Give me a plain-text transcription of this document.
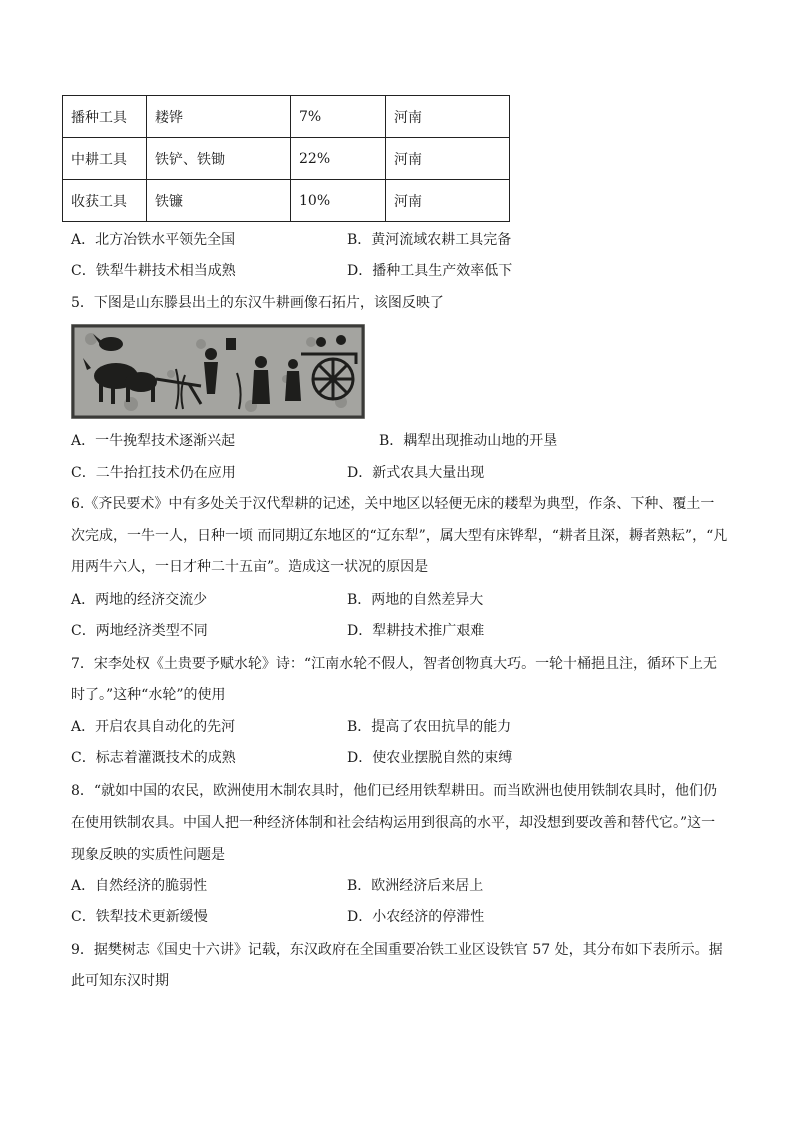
播种工具	耧铧	7%	河南
中耕工具	铁铲、铁锄	22%	河南
收获工具	铁镰	10%	河南
A．北方冶铁水平领先全国	B．黄河流域农耕工具完备
C．铁犁牛耕技术相当成熟	D．播种工具生产效率低下
5．下图是山东滕县出土的东汉牛耕画像石拓片，该图反映了
A．一牛挽犁技术逐渐兴起	B．耦犁出现推动山地的开垦
C．二牛抬扛技术仍在应用	D．新式农具大量出现
6.《齐民要术》中有多处关于汉代犁耕的记述，关中地区以轻便无床的耧犁为典型，作条、下种、覆土一
次完成，一牛一人，日种一顷 而同期辽东地区的“辽东犁”，属大型有床铧犁，“耕者且深，耨者熟耘”，“凡
用两牛六人，一日才种二十五亩”。造成这一状况的原因是
A．两地的经济交流少	B．两地的自然差异大
C．两地经济类型不同	D．犁耕技术推广艰难
7．宋李处权《土贵要予赋水轮》诗：“江南水轮不假人，智者创物真大巧。一轮十桶挹且注，循环下上无
时了。”这种“水轮”的使用
A．开启农具自动化的先河	B．提高了农田抗旱的能力
C．标志着灌溉技术的成熟	D．使农业摆脱自然的束缚
8．“就如中国的农民，欧洲使用木制农具时，他们已经用铁犁耕田。而当欧洲也使用铁制农具时，他们仍
在使用铁制农具。中国人把一种经济体制和社会结构运用到很高的水平，却没想到要改善和替代它。”这一
现象反映的实质性问题是
A．自然经济的脆弱性	B．欧洲经济后来居上
C．铁犁技术更新缓慢	D．小农经济的停滞性
9．据樊树志《国史十六讲》记载，东汉政府在全国重要冶铁工业区设铁官 57 处，其分布如下表所示。据
此可知东汉时期
